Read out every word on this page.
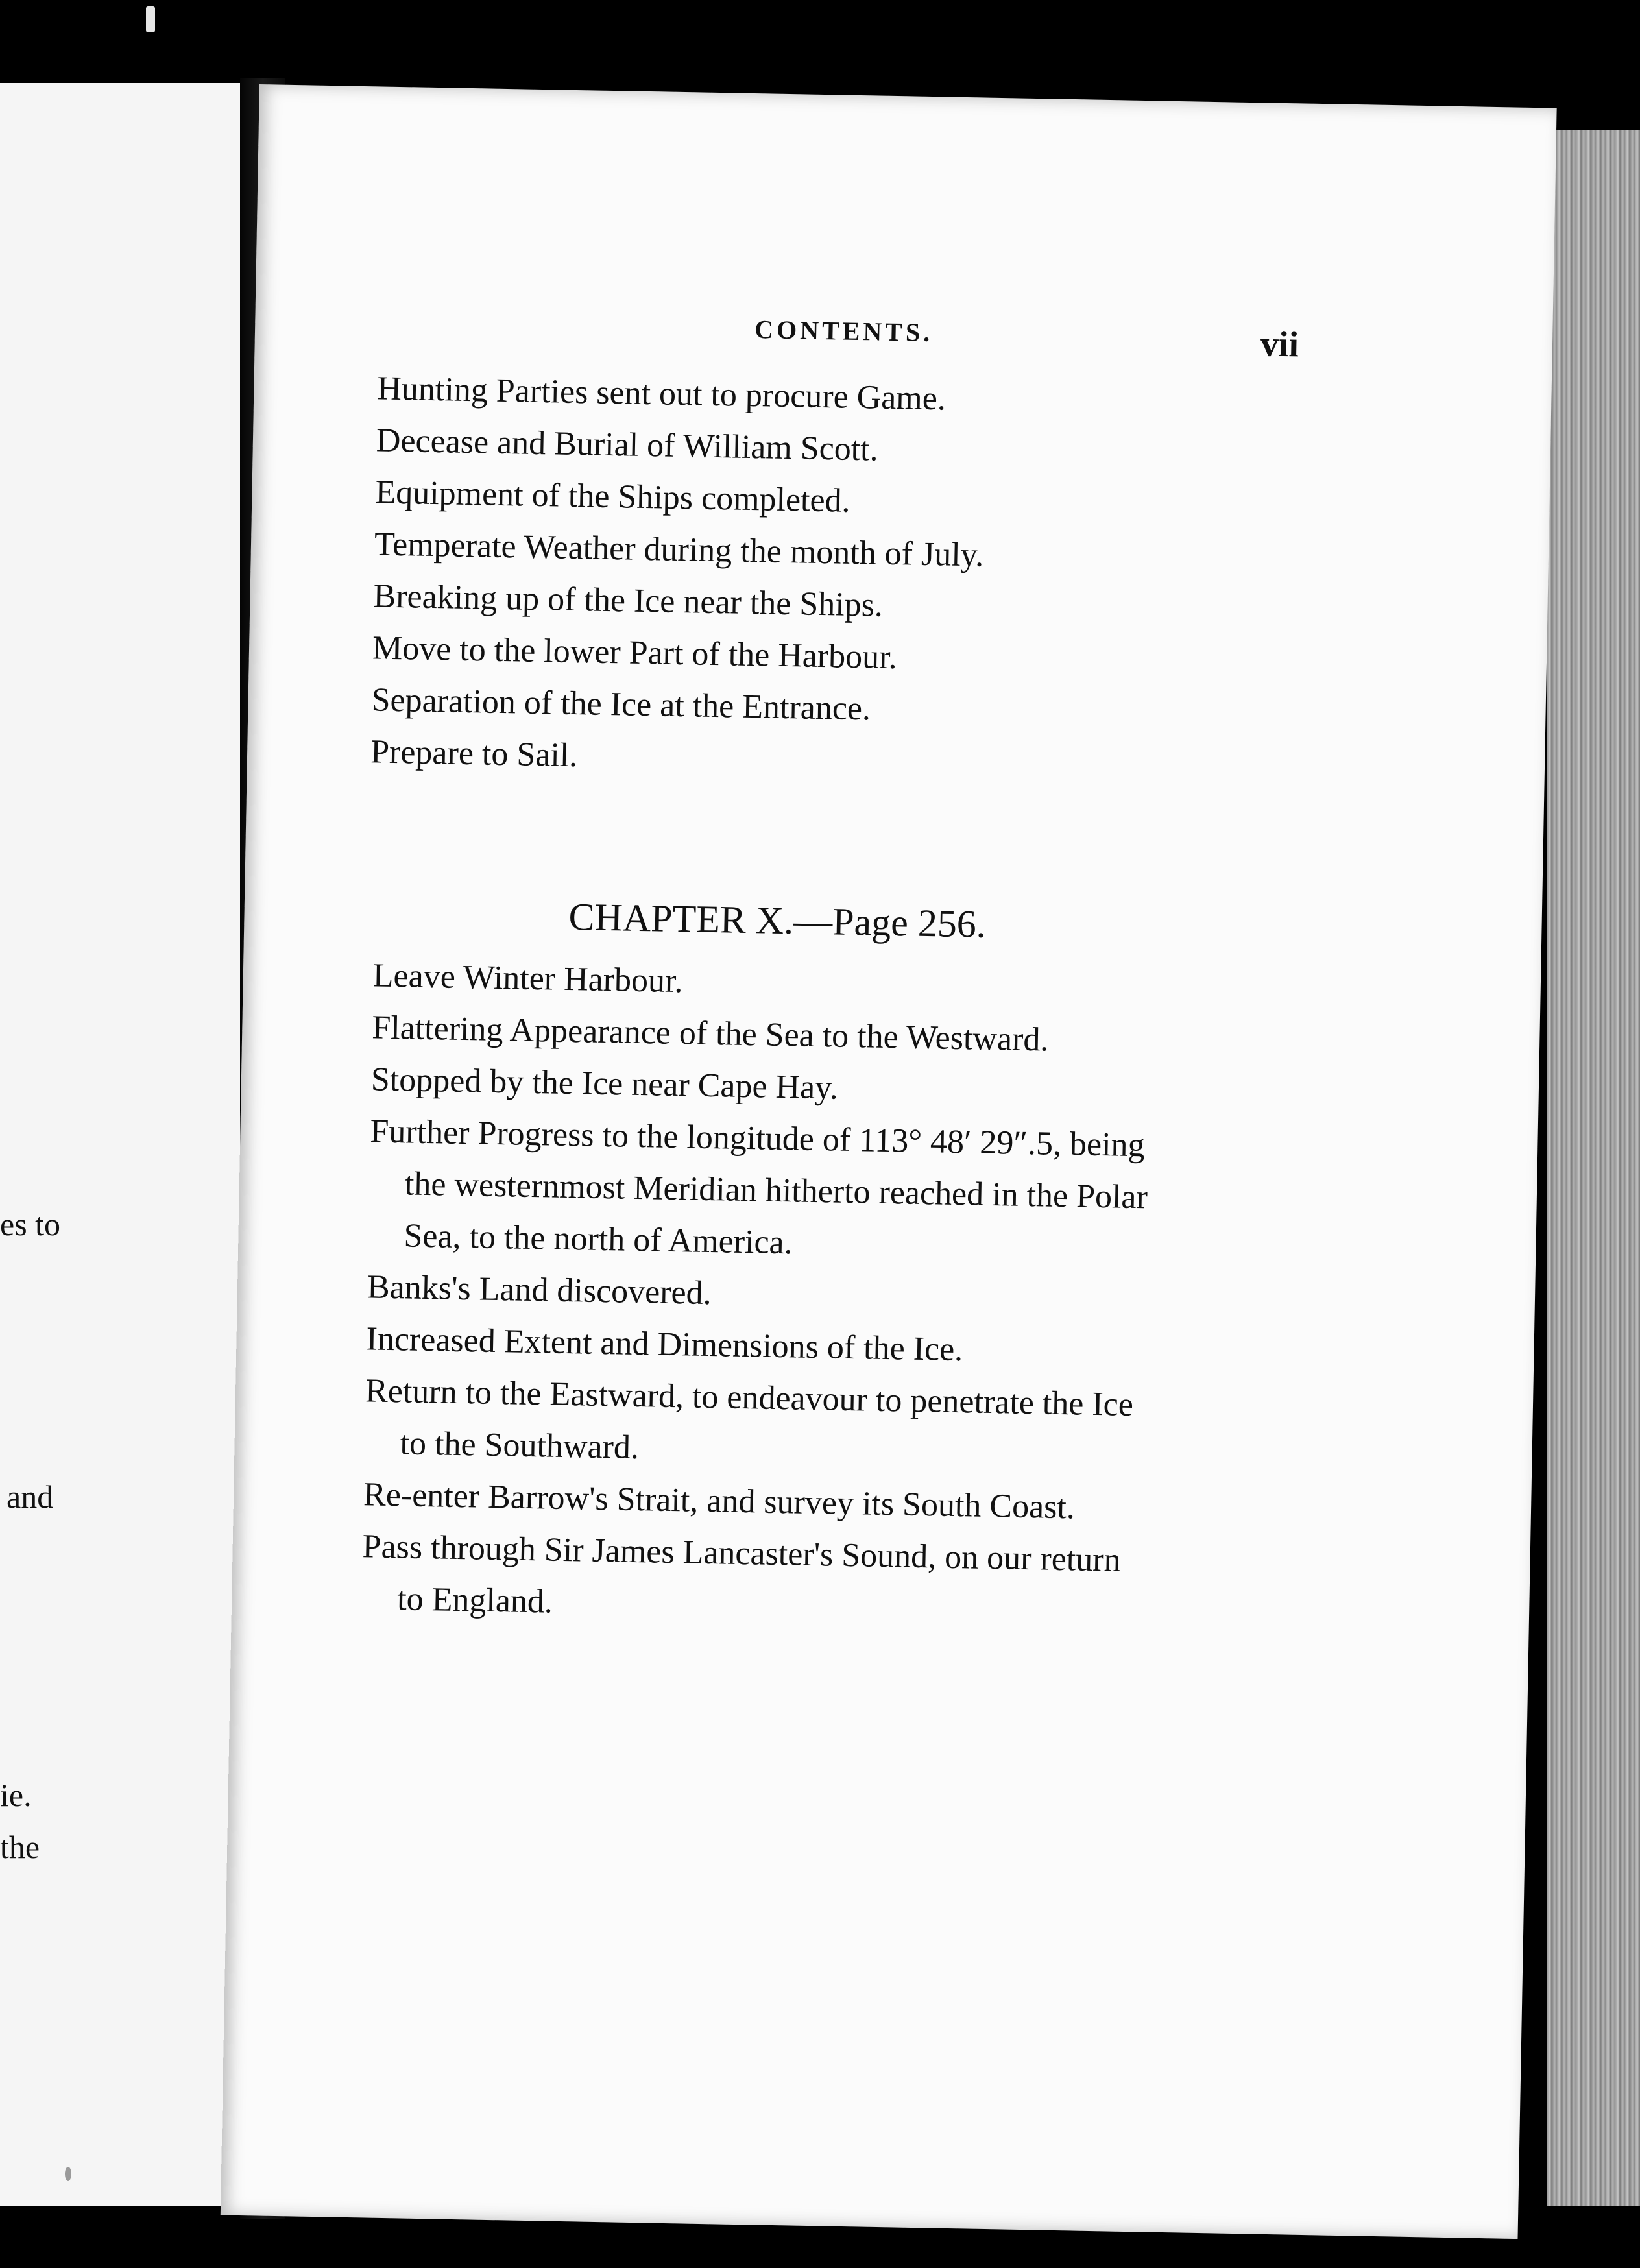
es to
and
ie.
the
CONTENTS.	vii
Hunting Parties sent out to procure Game.
Decease and Burial of William Scott.
Equipment of the Ships completed.
Temperate Weather during the month of July.
Breaking up of the Ice near the Ships.
Move to the lower Part of the Harbour.
Separation of the Ice at the Entrance.
Prepare to Sail.
CHAPTER X.—Page 256.
Leave Winter Harbour.
Flattering Appearance of the Sea to the Westward.
Stopped by the Ice near Cape Hay.
Further Progress to the longitude of 113° 48′ 29″.5, being
the westernmost Meridian hitherto reached in the Polar
Sea, to the north of America.
Banks's Land discovered.
Increased Extent and Dimensions of the Ice.
Return to the Eastward, to endeavour to penetrate the Ice
to the Southward.
Re-enter Barrow's Strait, and survey its South Coast.
Pass through Sir James Lancaster's Sound, on our return
to England.
